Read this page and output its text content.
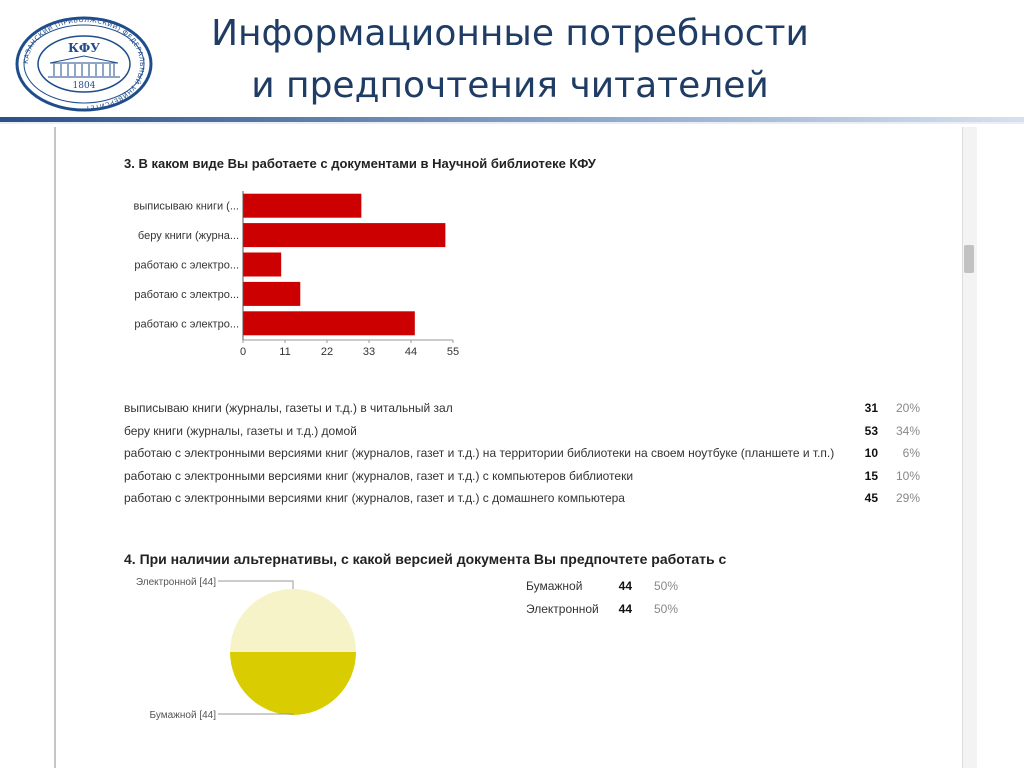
Информационные потребности
и предпочтения читателей
КАЗАНСКИЙ (ПРИВОЛЖСКИЙ) ФЕДЕРАЛЬНЫЙ УНИВЕРСИТЕТ
КФУ
1804
3. В каком виде Вы работаете с документами в Научной библиотеке КФУ
выписываю книги (...
беру книги (журна...
работаю с электро...
работаю с электро...
работаю с электро...
0	11	22	33	44	55
выписываю книги (журналы, газеты и т.д.) в читальный зал	31	20%
беру книги (журналы, газеты и т.д.) домой	53	34%
работаю с электронными версиями книг (журналов, газет и т.д.) на территории библиотеки на своем ноутбуке (планшете и т.п.)	10	6%
работаю с электронными версиями книг (журналов, газет и т.д.) с компьютеров библиотеки	15	10%
работаю с электронными версиями книг (журналов, газет и т.д.) с домашнего компьютера	45	29%
4. При наличии альтернативы, с какой версией документа Вы предпочтете работать с
Электронной [44]
Бумажной [44]
Бумажной	44	50%
Электронной	44	50%
